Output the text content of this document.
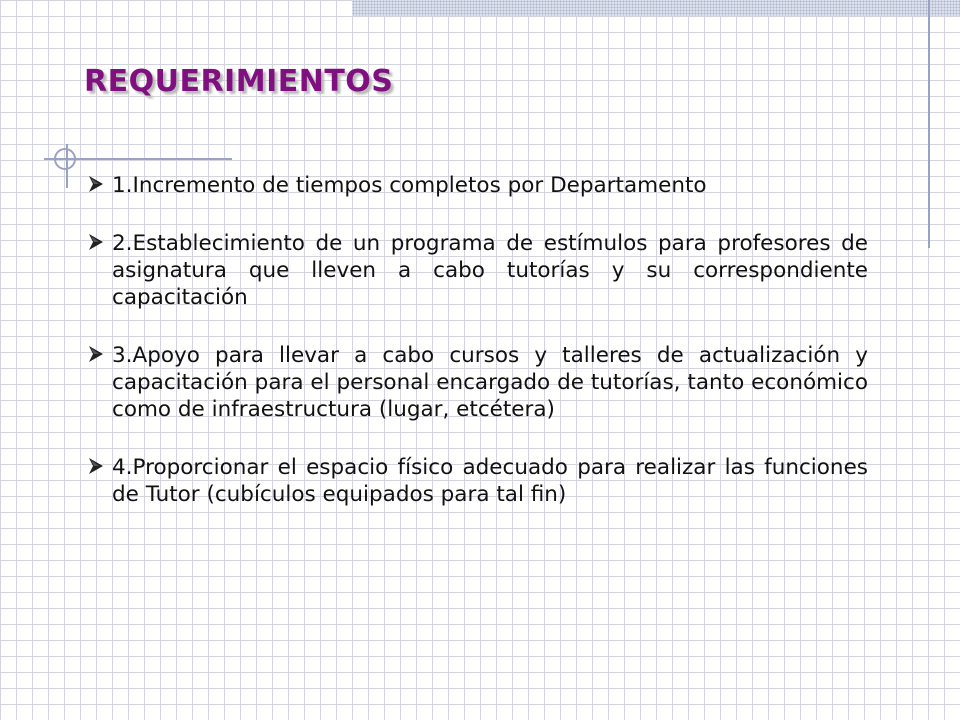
REQUERIMIENTOS
1.Incremento de tiempos completos por Departamento
2.Establecimiento de un programa de estímulos para profesores de asignatura que lleven a cabo tutorías y su correspondiente capacitación
3.Apoyo para llevar a cabo cursos y talleres de actualización y capacitación para el personal encargado de tutorías, tanto económico como de infraestructura (lugar, etcétera)
4.Proporcionar el espacio físico adecuado para realizar las funciones de Tutor (cubículos equipados para tal fin)
